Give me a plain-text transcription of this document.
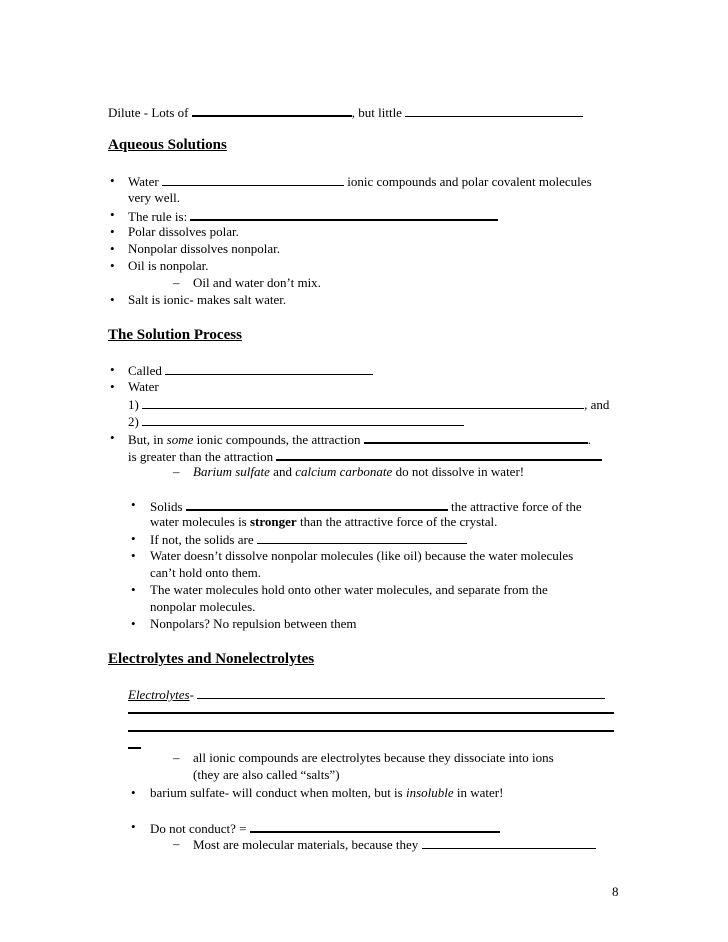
Dilute - Lots of	, but little
Aqueous Solutions
• Water	ionic compounds and polar covalent molecules
very well.
• The rule is:
• Polar dissolves polar.
• Nonpolar dissolves nonpolar.
• Oil is nonpolar.
– Oil and water don’t mix.
• Salt is ionic- makes salt water.
The Solution Process
• Called
• Water
1)	, and
2)
• But, in some ionic compounds, the attraction	.
is greater than the attraction
– Barium sulfate and calcium carbonate do not dissolve in water!
• Solids	the attractive force of the
water molecules is stronger than the attractive force of the crystal.
• If not, the solids are
• Water doesn’t dissolve nonpolar molecules (like oil) because the water molecules
can’t hold onto them.
• The water molecules hold onto other water molecules, and separate from the
nonpolar molecules.
• Nonpolars? No repulsion between them
Electrolytes and Nonelectrolytes
Electrolytes-
– all ionic compounds are electrolytes because they dissociate into ions
(they are also called “salts”)
• barium sulfate- will conduct when molten, but is insoluble in water!
• Do not conduct? =
– Most are molecular materials, because they
8
